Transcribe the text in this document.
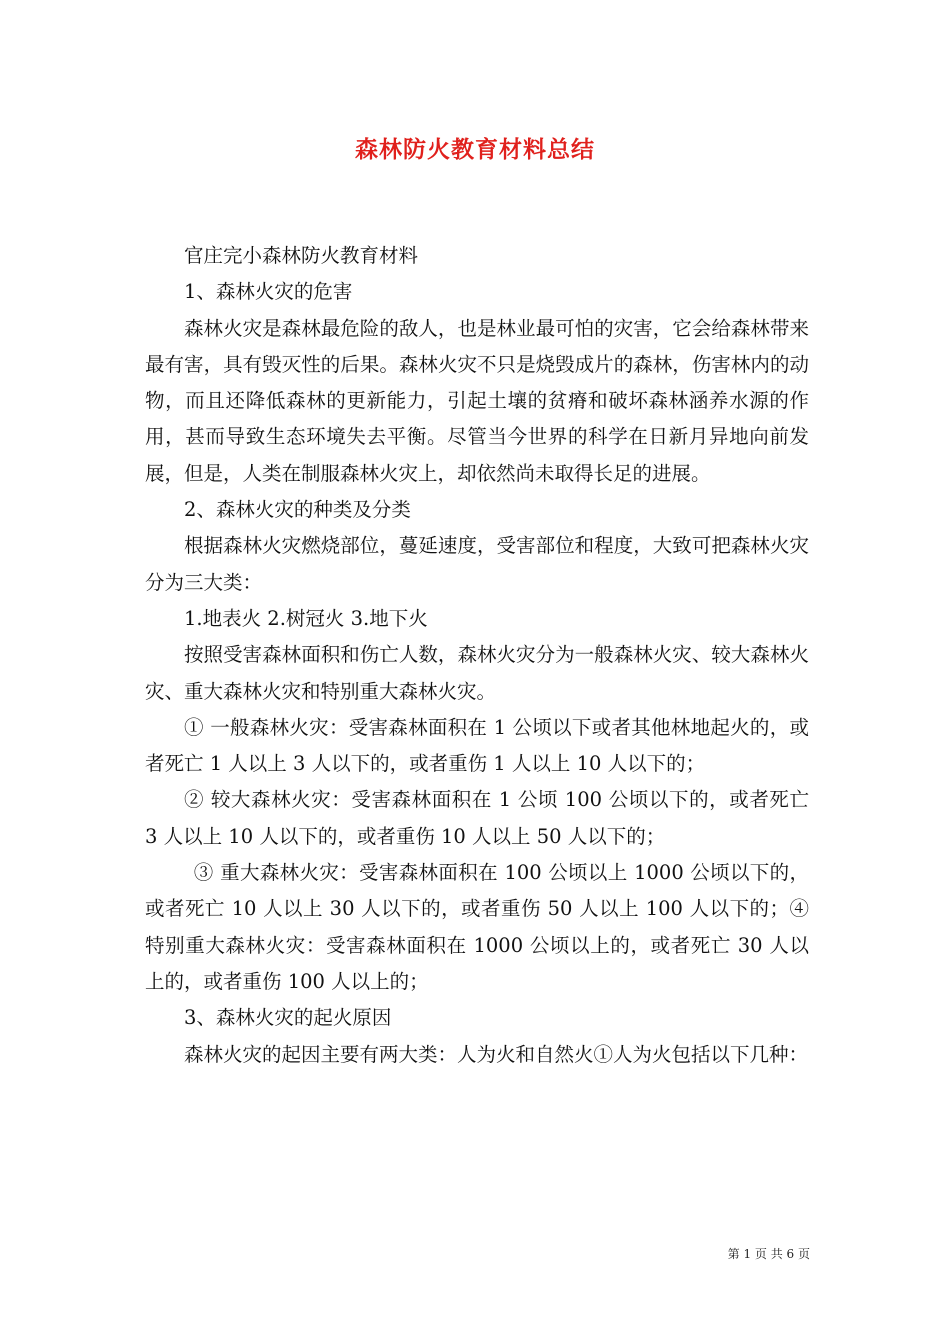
森林防火教育材料总结

官庄完小森林防火教育材料

1、森林火灾的危害

森林火灾是森林最危险的敌人，也是林业最可怕的灾害，它会给森林带来最有害，具有毁灭性的后果。森林火灾不只是烧毁成片的森林，伤害林内的动物，而且还降低森林的更新能力，引起土壤的贫瘠和破坏森林涵养水源的作用，甚而导致生态环境失去平衡。尽管当今世界的科学在日新月异地向前发展，但是，人类在制服森林火灾上，却依然尚未取得长足的进展。

2、森林火灾的种类及分类

根据森林火灾燃烧部位，蔓延速度，受害部位和程度，大致可把森林火灾分为三大类：

1.地表火 2.树冠火 3.地下火

按照受害森林面积和伤亡人数，森林火灾分为一般森林火灾、较大森林火灾、重大森林火灾和特别重大森林火灾。

① 一般森林火灾：受害森林面积在 1 公顷以下或者其他林地起火的，或者死亡 1 人以上 3 人以下的，或者重伤 1 人以上 10 人以下的；

② 较大森林火灾：受害森林面积在 1 公顷 100 公顷以下的，或者死亡 3 人以上 10 人以下的，或者重伤 10 人以上 50 人以下的；

③ 重大森林火灾：受害森林面积在 100 公顷以上 1000 公顷以下的，或者死亡 10 人以上 30 人以下的，或者重伤 50 人以上 100 人以下的；④特别重大森林火灾：受害森林面积在 1000 公顷以上的，或者死亡 30 人以上的，或者重伤 100 人以上的；

3、森林火灾的起火原因

森林火灾的起因主要有两大类：人为火和自然火①人为火包括以下几种：

第 1 页 共 6 页
